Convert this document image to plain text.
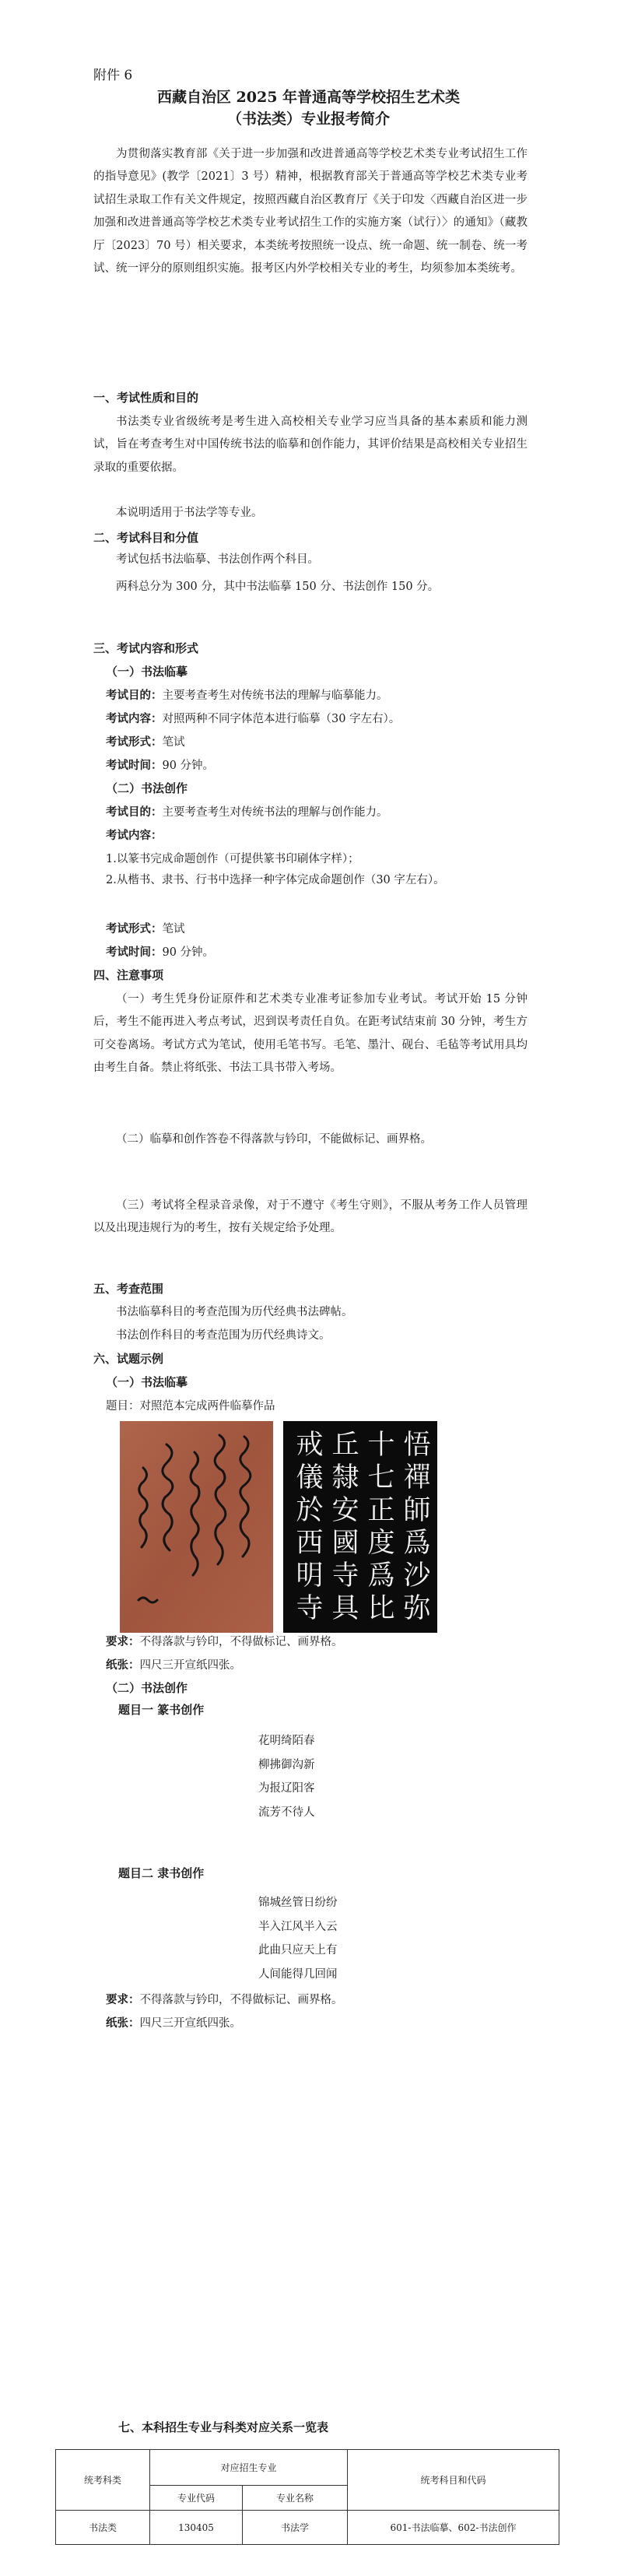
附件 6
西藏自治区 2025 年普通高等学校招生艺术类
（书法类）专业报考简介

为贯彻落实教育部《关于进一步加强和改进普通高等学校艺术类专业考试招生工作的指导意见》(教学〔2021〕3 号）精神，根据教育部关于普通高等学校艺术类专业考试招生录取工作有关文件规定，按照西藏自治区教育厅《关于印发〈西藏自治区进一步加强和改进普通高等学校艺术类专业考试招生工作的实施方案（试行）〉的通知》（藏教厅〔2023〕70 号）相关要求，本类统考按照统一设点、统一命题、统一制卷、统一考试、统一评分的原则组织实施。报考区内外学校相关专业的考生，均须参加本类统考。

一、考试性质和目的

书法类专业省级统考是考生进入高校相关专业学习应当具备的基本素质和能力测试，旨在考查考生对中国传统书法的临摹和创作能力，其评价结果是高校相关专业招生录取的重要依据。

本说明适用于书法学等专业。

二、考试科目和分值

考试包括书法临摹、书法创作两个科目。

两科总分为 300 分，其中书法临摹 150 分、书法创作 150 分。

三、考试内容和形式
（一）书法临摹
考试目的：主要考查考生对传统书法的理解与临摹能力。
考试内容：对照两种不同字体范本进行临摹（30 字左右）。
考试形式：笔试
考试时间：90 分钟。
（二）书法创作
考试目的：主要考查考生对传统书法的理解与创作能力。
考试内容：
1.以篆书完成命题创作（可提供篆书印刷体字样）；
2.从楷书、隶书、行书中选择一种字体完成命题创作（30 字左右）。
考试形式：笔试
考试时间：90 分钟。
四、注意事项

（一）考生凭身份证原件和艺术类专业准考证参加专业考试。考试开始 15 分钟后，考生不能再进入考点考试，迟到误考责任自负。在距考试结束前 30 分钟，考生方可交卷离场。考试方式为笔试，使用毛笔书写。毛笔、墨汁、砚台、毛毡等考试用具均由考生自备。禁止将纸张、书法工具书带入考场。

（二）临摹和创作答卷不得落款与钤印，不能做标记、画界格。

（三）考试将全程录音录像，对于不遵守《考生守则》，不服从考务工作人员管理以及出现违规行为的考生，按有关规定给予处理。

五、考查范围

书法临摹科目的考查范围为历代经典书法碑帖。

书法创作科目的考查范围为历代经典诗文。

六、试题示例
（一）书法临摹
题目：对照范本完成两件临摹作品
悟
禪
師
爲
沙
弥
十
七
正
度
爲
比
丘
隸
安
國
寺
具
戒
儀
於
西
明
寺
要求：不得落款与钤印，不得做标记、画界格。
纸张：四尺三开宣纸四张。
（二）书法创作
题目一 篆书创作
花明绮陌春
柳拂御沟新
为报辽阳客
流芳不待人
题目二 隶书创作
锦城丝管日纷纷
半入江风半入云
此曲只应天上有
人间能得几回闻
要求：不得落款与钤印，不得做标记、画界格。
纸张：四尺三开宣纸四张。
七、本科招生专业与科类对应关系一览表
统考科类	对应招生专业		统考科目和代码
	专业代码	专业名称	
书法类	130405	书法学	601-书法临摹、602-书法创作
